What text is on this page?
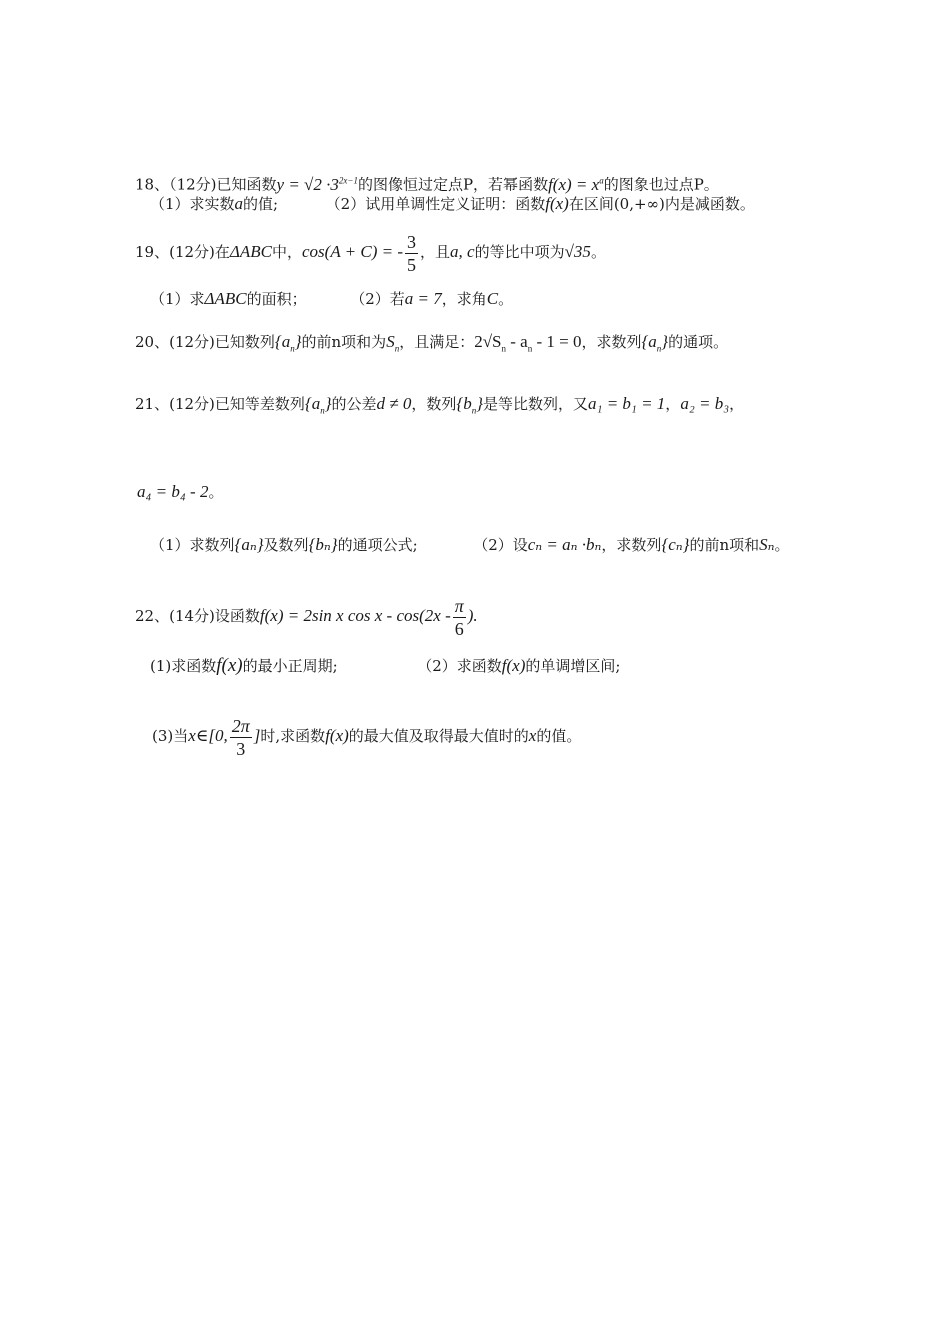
18、（12分)已知函数$y = √2 \cdot 3^{2x-1}$的图像恒过定点P，若幂函数$f(x) = x^a$的图象也过点P。
（1）求实数a的值;	（2）试用单调性定义证明：函数f(x)在区间(0,+∞)内是减函数。
19、(12分)在ΔABC中，cos(A + C) = - $\frac{3}{5}$ ，且a, c的等比中项为√35。
（1）求ΔABC的面积；	（2）若a = 7，求角C。
20、(12分)已知数列$\{a_n\}$的前n项和为$S_n$，且满足：$2√S_n - a_n - 1 = 0$，求数列$\{a_n\}$的通项。
21、(12分)已知等差数列$\{a_n\}$的公差d ≠ 0，数列$\{b_n\}$是等比数列，又a₁ = b₁ = 1，a₂ = b₃，
a₄ = b₄ - 2。
（1）求数列{aₙ}及数列{bₙ}的通项公式;	（2）设cₙ = aₙ ·bₙ，求数列{cₙ}的前n项和Sₙ。
22、(14分)设函数f(x) = 2sin x cos x - $\cos(2x - \frac{\pi}{6}$ ).
(1)求函数f(x)的最小正周期;	（2）求函数f(x)的单调增区间;
(3)当x∈[0, $\frac{2\pi}{3}$ ]时,求函数f(x)的最大值及取得最大值时的x的值。
